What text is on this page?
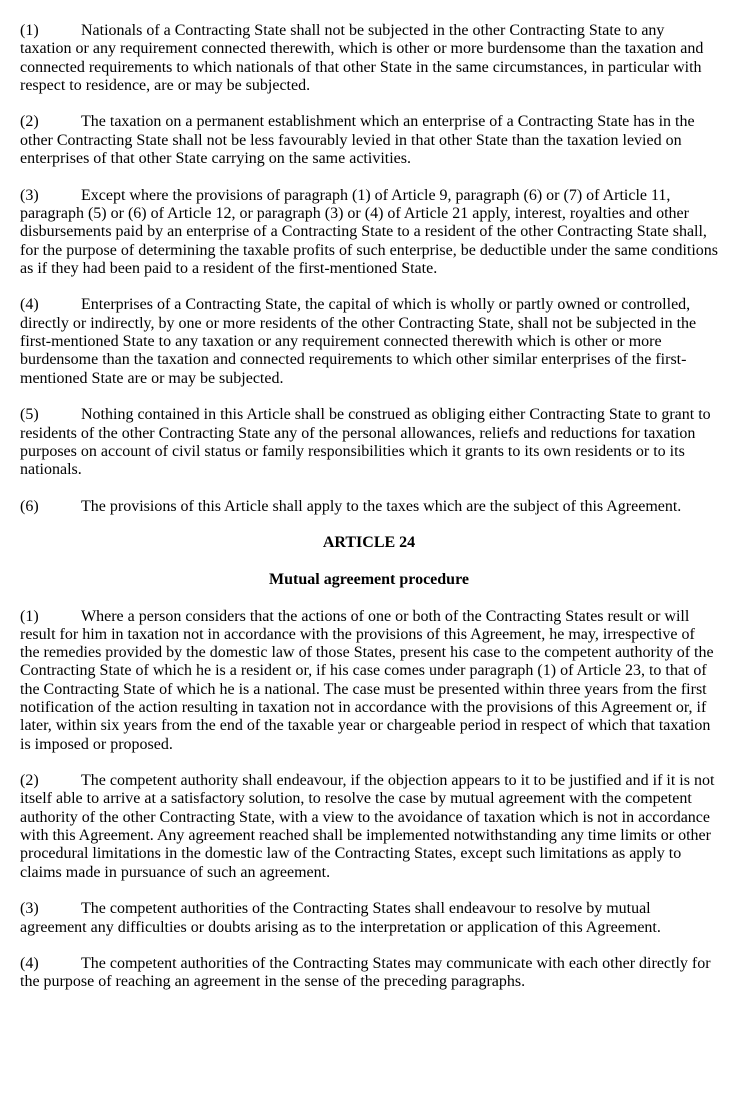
(1)	Nationals of a Contracting State shall not be subjected in the other Contracting State to any taxation or any requirement connected therewith, which is other or more burdensome than the taxation and connected requirements to which nationals of that other State in the same circumstances, in particular with respect to residence, are or may be subjected.

(2)	The taxation on a permanent establishment which an enterprise of a Contracting State has in the other Contracting State shall not be less favourably levied in that other State than the taxation levied on enterprises of that other State carrying on the same activities.

(3)	Except where the provisions of paragraph (1) of Article 9, paragraph (6) or (7) of Article 11, paragraph (5) or (6) of Article 12, or paragraph (3) or (4) of Article 21 apply, interest, royalties and other disbursements paid by an enterprise of a Contracting State to a resident of the other Contracting State shall, for the purpose of determining the taxable profits of such enterprise, be deductible under the same conditions as if they had been paid to a resident of the first-mentioned State.

(4)	Enterprises of a Contracting State, the capital of which is wholly or partly owned or controlled, directly or indirectly, by one or more residents of the other Contracting State, shall not be subjected in the first-mentioned State to any taxation or any requirement connected therewith which is other or more burdensome than the taxation and connected requirements to which other similar enterprises of the first-mentioned State are or may be subjected.

(5)	Nothing contained in this Article shall be construed as obliging either Contracting State to grant to residents of the other Contracting State any of the personal allowances, reliefs and reductions for taxation purposes on account of civil status or family responsibilities which it grants to its own residents or to its nationals.

(6)	The provisions of this Article shall apply to the taxes which are the subject of this Agreement.

ARTICLE 24
Mutual agreement procedure

(1)	Where a person considers that the actions of one or both of the Contracting States result or will result for him in taxation not in accordance with the provisions of this Agreement, he may, irrespective of the remedies provided by the domestic law of those States, present his case to the competent authority of the Contracting State of which he is a resident or, if his case comes under paragraph (1) of Article 23, to that of the Contracting State of which he is a national. The case must be presented within three years from the first notification of the action resulting in taxation not in accordance with the provisions of this Agreement or, if later, within six years from the end of the taxable year or chargeable period in respect of which that taxation is imposed or proposed.

(2)	The competent authority shall endeavour, if the objection appears to it to be justified and if it is not itself able to arrive at a satisfactory solution, to resolve the case by mutual agreement with the competent authority of the other Contracting State, with a view to the avoidance of taxation which is not in accordance with this Agreement. Any agreement reached shall be implemented notwithstanding any time limits or other procedural limitations in the domestic law of the Contracting States, except such limitations as apply to claims made in pursuance of such an agreement.

(3)	The competent authorities of the Contracting States shall endeavour to resolve by mutual agreement any difficulties or doubts arising as to the interpretation or application of this Agreement.

(4)	The competent authorities of the Contracting States may communicate with each other directly for the purpose of reaching an agreement in the sense of the preceding paragraphs.
